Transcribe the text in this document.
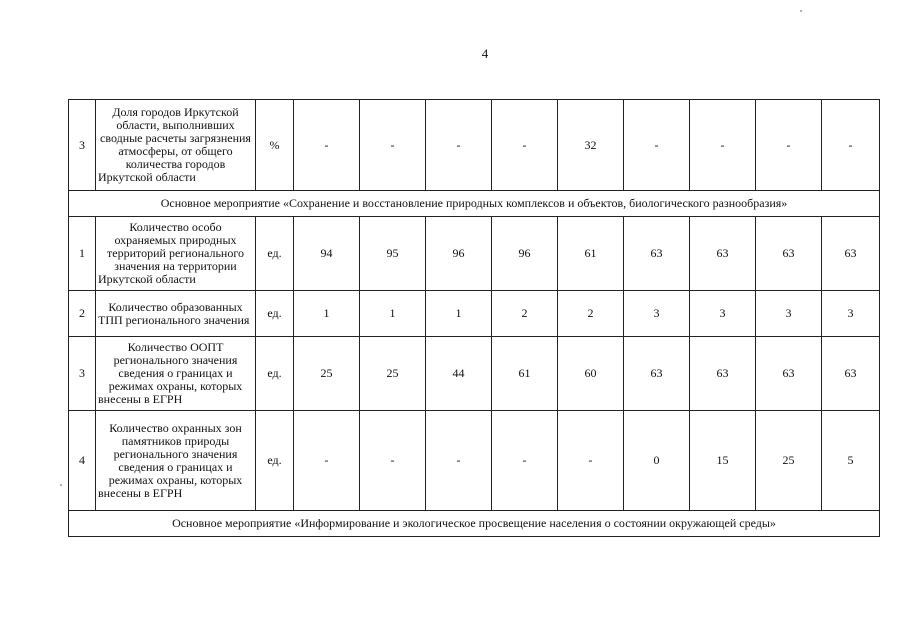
4
3	Доля городов Иркутской области, выполнивших сводные расчеты загрязнения атмосферы, от общего количества городов Иркутской области	%	-	-	-	-	32	-	-	-	-
Основное мероприятие «Сохранение и восстановление природных комплексов и объектов, биологического разнообразия»											
1	Количество особо охраняемых природных территорий регионального значения на территории Иркутской области	ед.	94	95	96	96	61	63	63	63	63
2	Количество образованных ТПП регионального значения	ед.	1	1	1	2	2	3	3	3	3
3	Количество ООПТ регионального значения сведения о границах и режимах охраны, которых внесены в ЕГРН	ед.	25	25	44	61	60	63	63	63	63
4	Количество охранных зон памятников природы регионального значения сведения о границах и режимах охраны, которых внесены в ЕГРН	ед.	-	-	-	-	-	0	15	25	5
Основное мероприятие «Информирование и экологическое просвещение населения о состоянии окружающей среды»											
